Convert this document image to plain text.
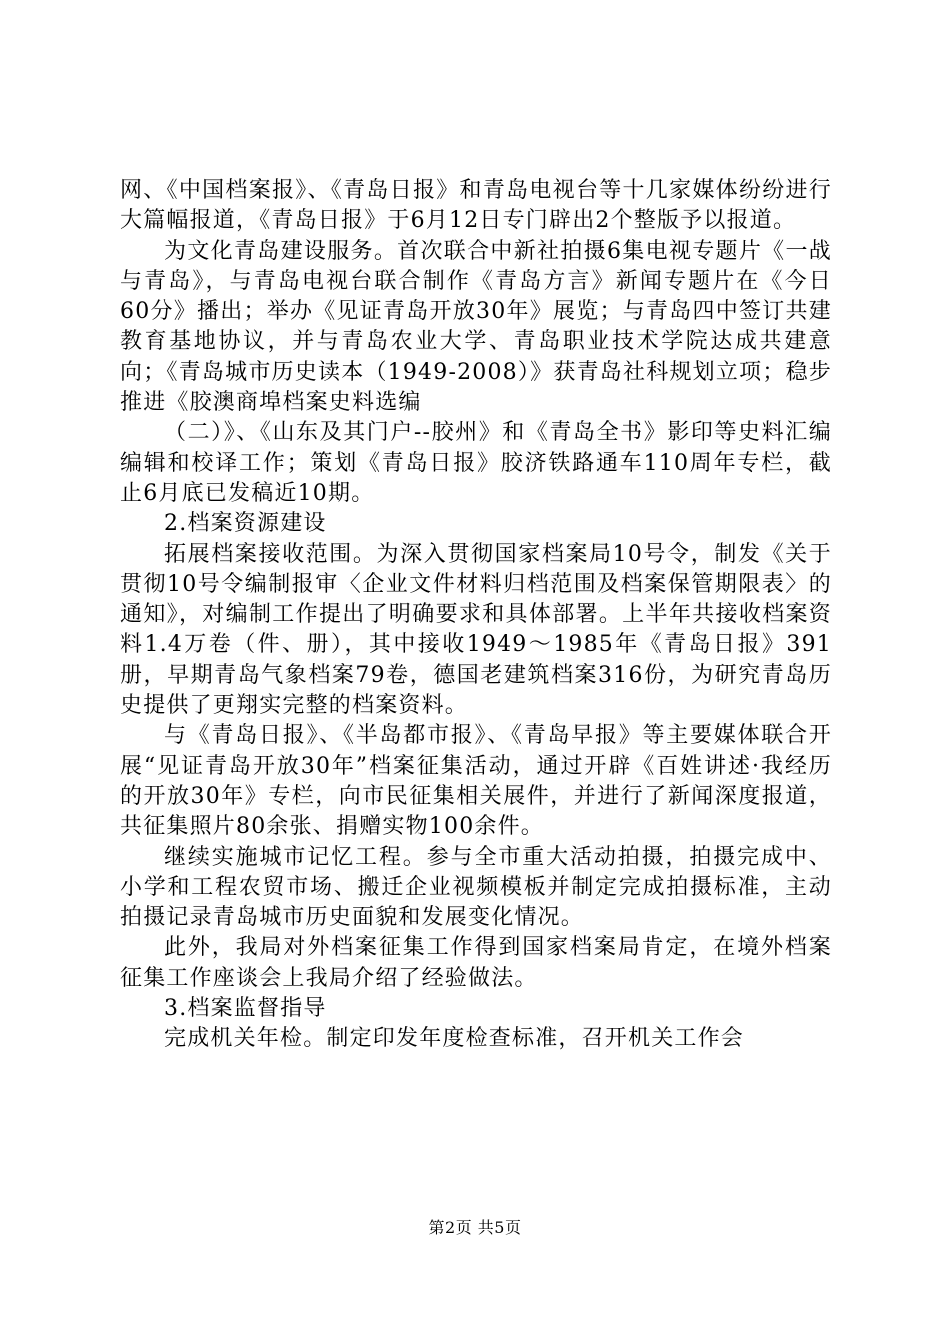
网、《中国档案报》、《青岛日报》和青岛电视台等十几家媒体纷纷进行大篇幅报道，《青岛日报》于6月12日专门辟出2个整版予以报道。

为文化青岛建设服务。首次联合中新社拍摄6集电视专题片《一战与青岛》，与青岛电视台联合制作《青岛方言》新闻专题片在《今日60分》播出；举办《见证青岛开放30年》展览；与青岛四中签订共建教育基地协议，并与青岛农业大学、青岛职业技术学院达成共建意向；《青岛城市历史读本（1949-2008）》获青岛社科规划立项；稳步推进《胶澳商埠档案史料选编

（二）》、《山东及其门户--胶州》和《青岛全书》影印等史料汇编编辑和校译工作；策划《青岛日报》胶济铁路通车110周年专栏，截止6月底已发稿近10期。

2.档案资源建设

拓展档案接收范围。为深入贯彻国家档案局10号令，制发《关于贯彻10号令编制报审〈企业文件材料归档范围及档案保管期限表〉的通知》，对编制工作提出了明确要求和具体部署。上半年共接收档案资料1.4万卷（件、册），其中接收1949～1985年《青岛日报》391册，早期青岛气象档案79卷，德国老建筑档案316份，为研究青岛历史提供了更翔实完整的档案资料。

与《青岛日报》、《半岛都市报》、《青岛早报》等主要媒体联合开展“见证青岛开放30年”档案征集活动，通过开辟《百姓讲述·我经历的开放30年》专栏，向市民征集相关展件，并进行了新闻深度报道，共征集照片80余张、捐赠实物100余件。

继续实施城市记忆工程。参与全市重大活动拍摄，拍摄完成中、小学和工程农贸市场、搬迁企业视频模板并制定完成拍摄标准，主动拍摄记录青岛城市历史面貌和发展变化情况。

此外，我局对外档案征集工作得到国家档案局肯定，在境外档案征集工作座谈会上我局介绍了经验做法。

3.档案监督指导

完成机关年检。制定印发年度检查标准，召开机关工作会

第2页 共5页
